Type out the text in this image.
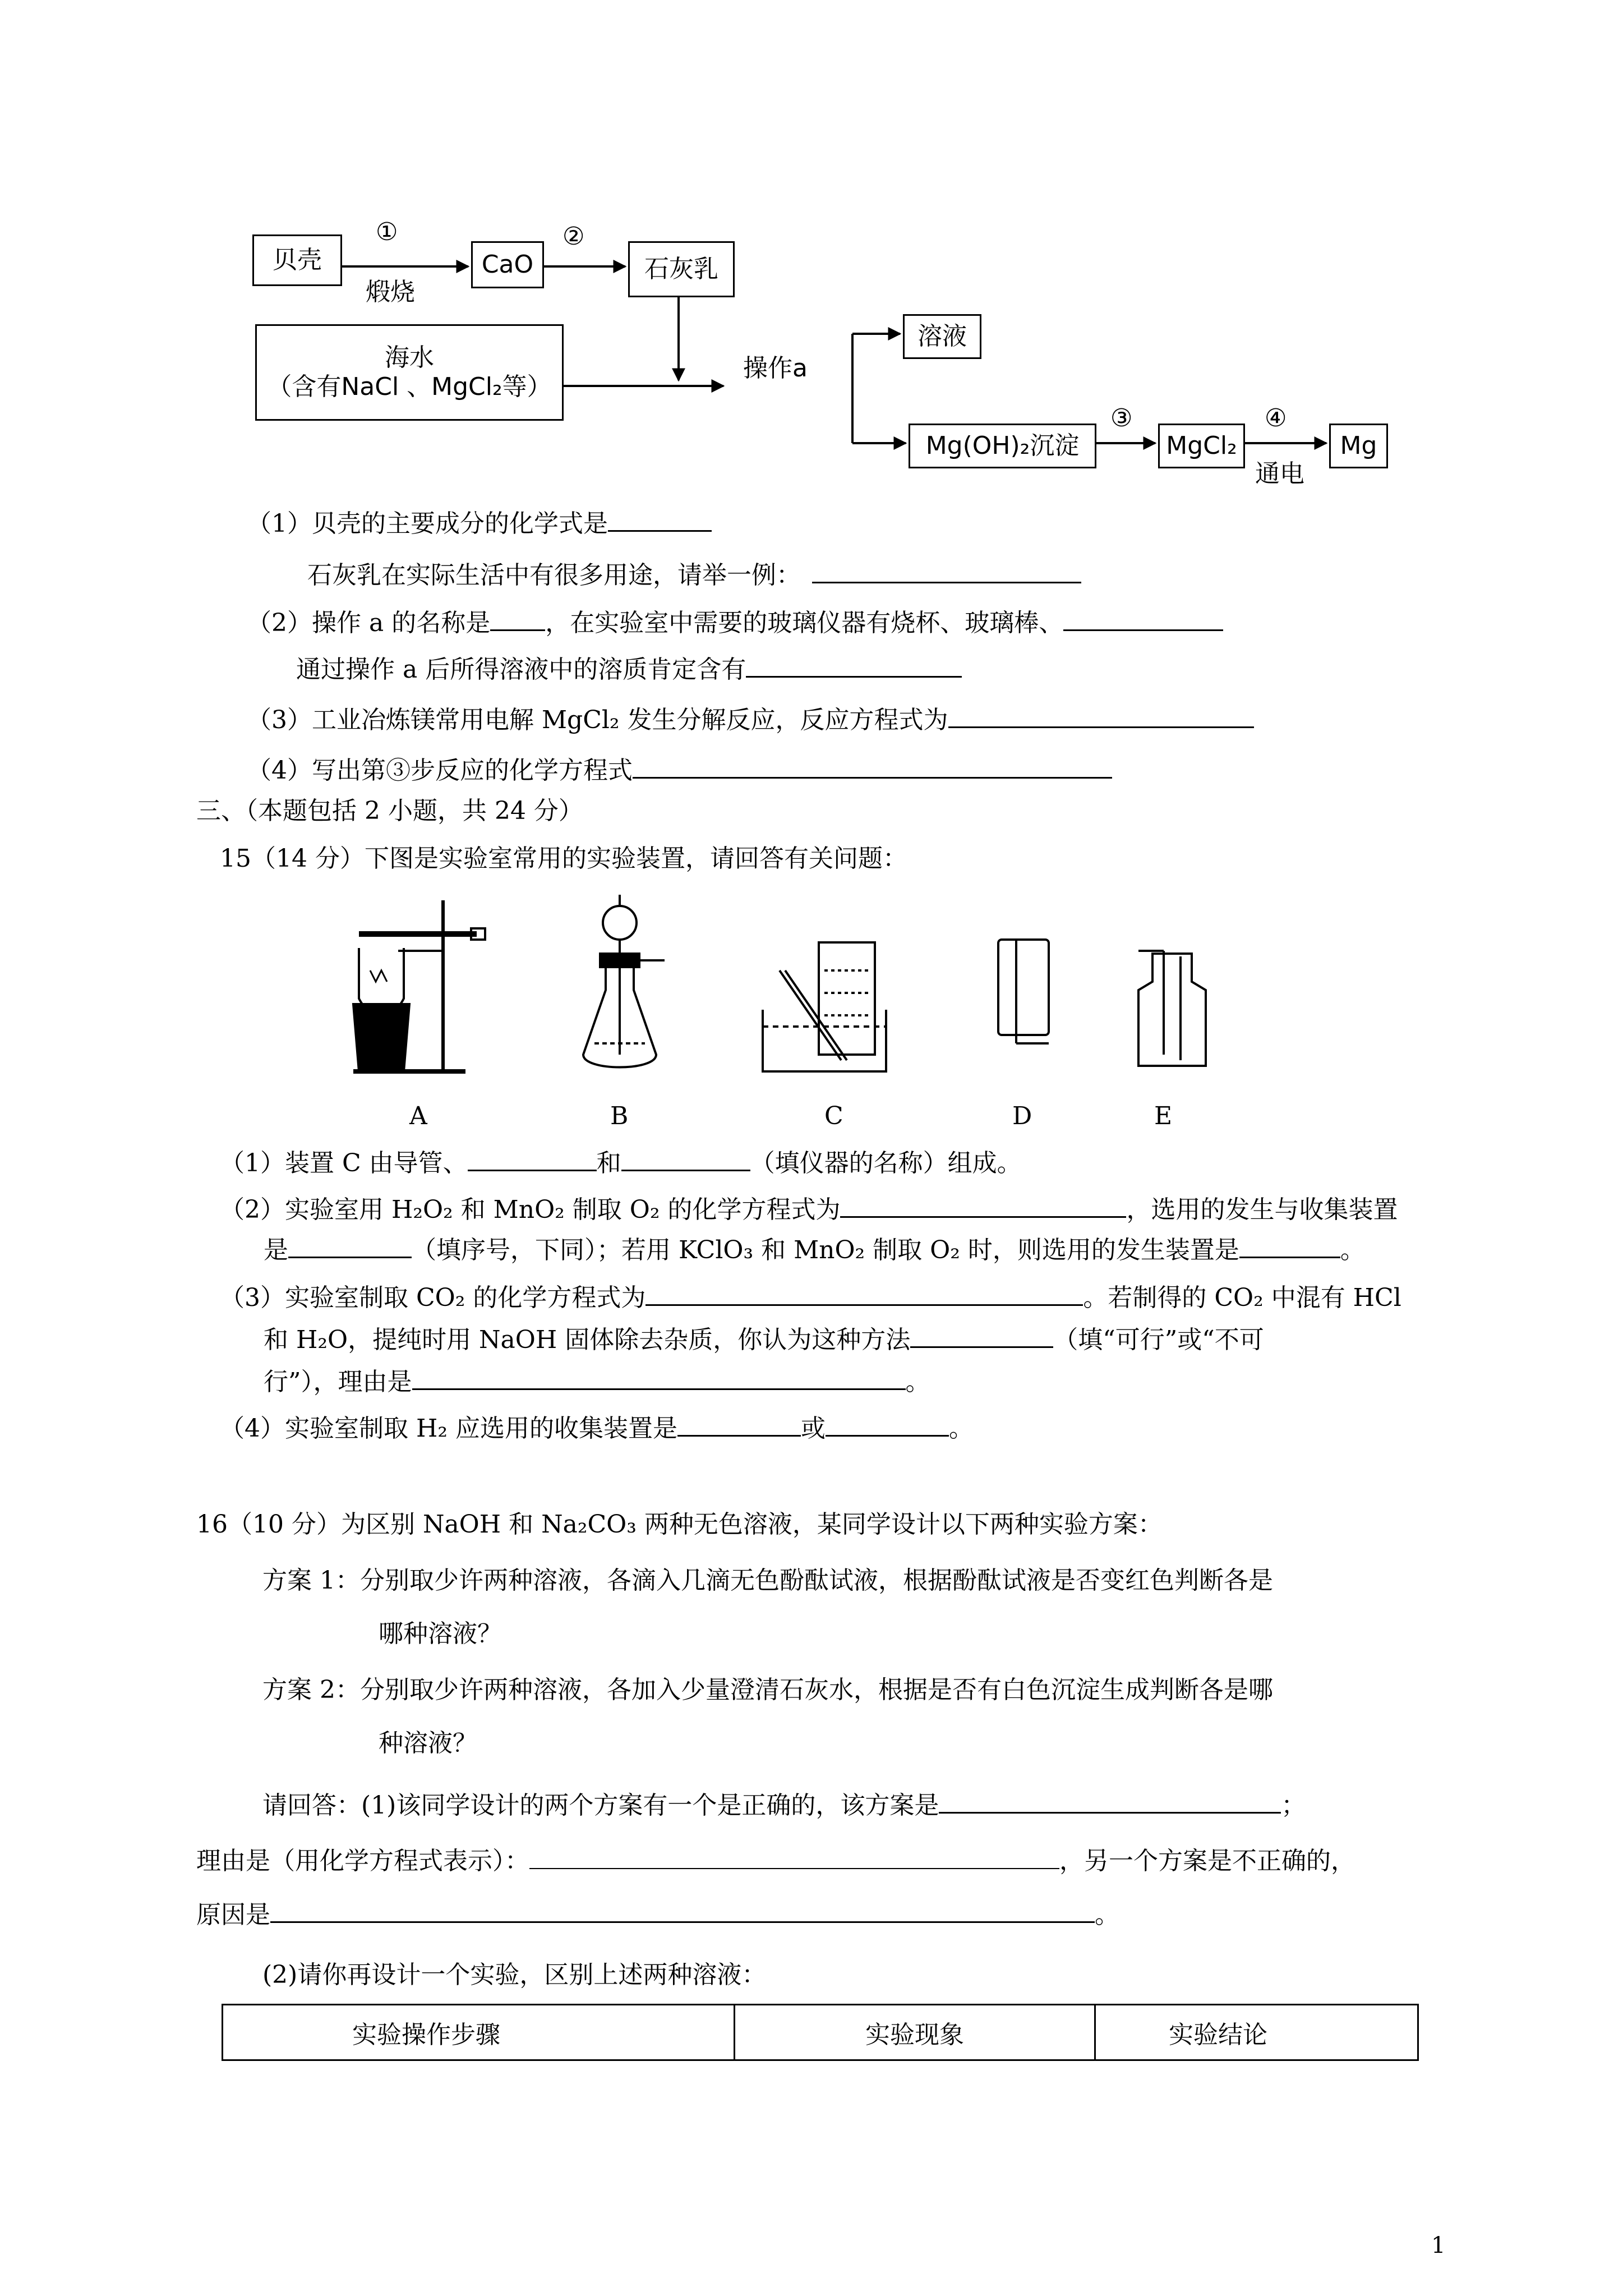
贝壳
①
煅烧
CaO
②
石灰乳
海水
（含有NaCl 、MgCl₂等）
操作a
溶液
Mg(OH)₂沉淀
③
MgCl₂
④
通电
Mg
（1）贝壳的主要成分的化学式是
石灰乳在实际生活中有很多用途，请举一例：
（2）操作 a 的名称是 ，在实验室中需要的玻璃仪器有烧杯、玻璃棒、
通过操作 a 后所得溶液中的溶质肯定含有
（3）工业冶炼镁常用电解 MgCl₂ 发生分解反应，反应方程式为
（4）写出第③步反应的化学方程式
三、（本题包括 2 小题，共 24 分）
15（14 分）下图是实验室常用的实验装置，请回答有关问题：
A	B	C	D	E
（1）装置 C 由导管、	和	（填仪器的名称）组成。
（2）实验室用 H₂O₂ 和 MnO₂ 制取 O₂ 的化学方程式为	，选用的发生与收集装置
是	（填序号，下同）；若用 KClO₃ 和 MnO₂ 制取 O₂ 时，则选用的发生装置是	。
（3）实验室制取 CO₂ 的化学方程式为	。若制得的 CO₂ 中混有 HCl
和 H₂O，提纯时用 NaOH 固体除去杂质，你认为这种方法	（填“可行”或“不可
行”），理由是	。
（4）实验室制取 H₂ 应选用的收集装置是	或	。
16（10 分）为区别 NaOH 和 Na₂CO₃ 两种无色溶液，某同学设计以下两种实验方案：
方案 1：分别取少许两种溶液，各滴入几滴无色酚酞试液，根据酚酞试液是否变红色判断各是
哪种溶液？
方案 2：分别取少许两种溶液，各加入少量澄清石灰水，根据是否有白色沉淀生成判断各是哪
种溶液？
请回答：(1)该同学设计的两个方案有一个是正确的，该方案是	；
理由是（用化学方程式表示）：	，另一个方案是不正确的，
原因是	。
(2)请你再设计一个实验，区别上述两种溶液：
实验操作步骤	实验现象	实验结论
1
